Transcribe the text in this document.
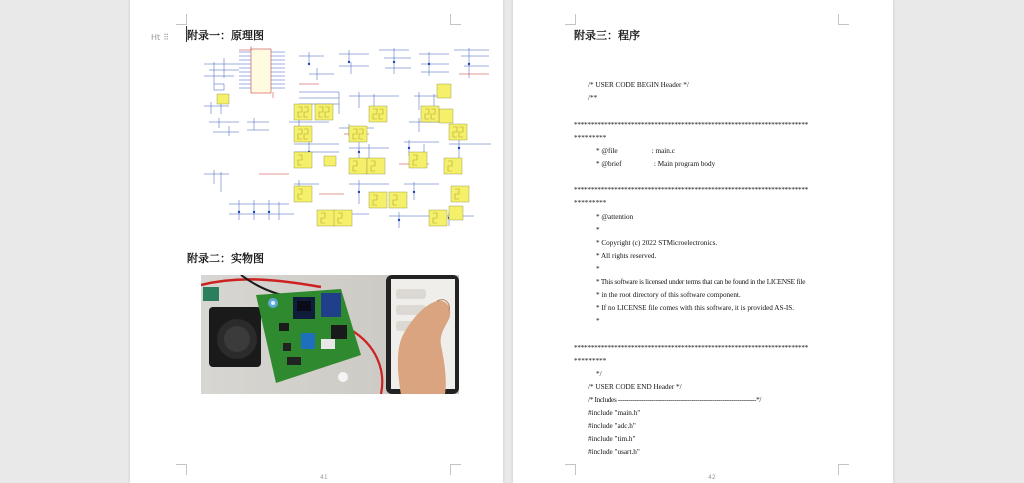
Ht ⠿ 附录一：原理图
附录二：实物图
41
附录三：程序
42
/* USER CODE BEGIN Header */
/**
**********************************************************************
*********
* @file                   : main.c
* @brief                  : Main program body
**********************************************************************
*********
* @attention
*
* Copyright (c) 2022 STMicroelectronics.
* All rights reserved.
*
* This software is licensed under terms that can be found in the LICENSE file
* in the root directory of this software component.
* If no LICENSE file comes with this software, it is provided AS-IS.
*
**********************************************************************
*********
*/
/* USER CODE END Header */
/* Includes ------------------------------------------------------------------*/
#include "main.h"
#include "adc.h"
#include "tim.h"
#include "usart.h"
